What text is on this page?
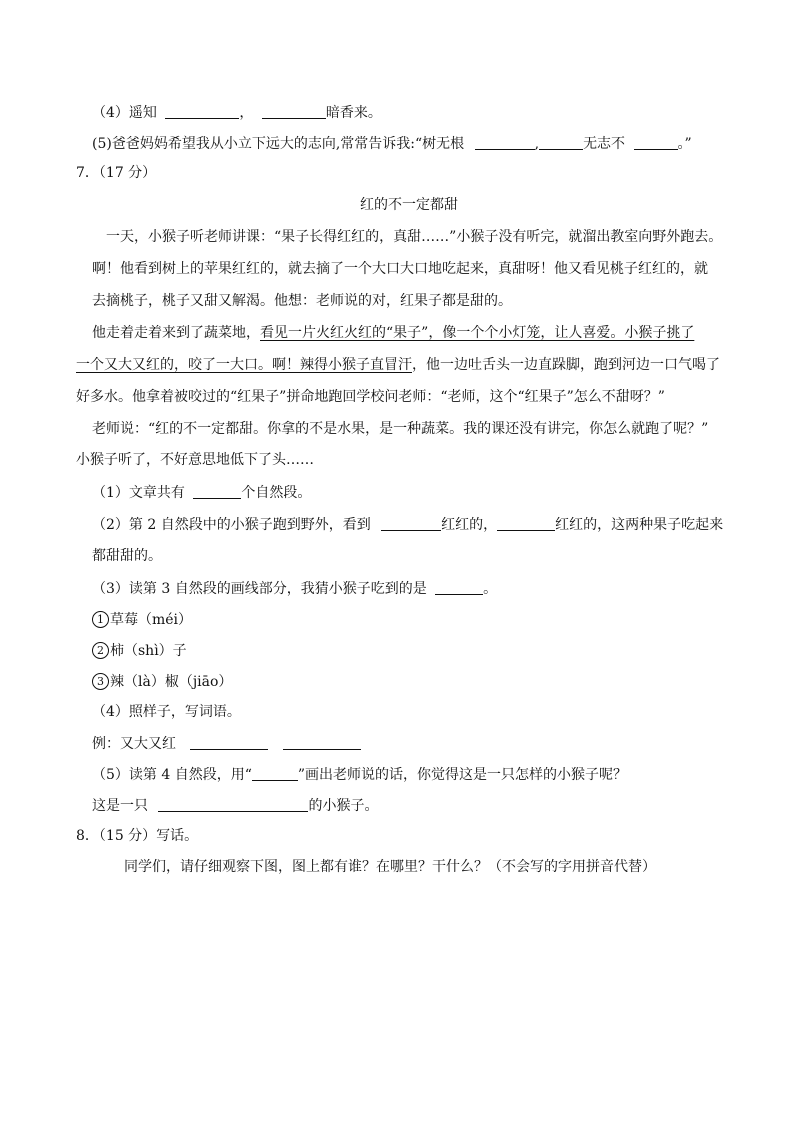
（4）遥知	，	暗香来。
(5)爸爸妈妈希望我从小立下远大的志向,常常告诉我:“树无根	,	无志不	。”
7．（17 分）
红的不一定都甜
一天，小猴子听老师讲课：“果子长得红红的，真甜……”小猴子没有听完，就溜出教室向野外跑去。
啊！他看到树上的苹果红红的，就去摘了一个大口大口地吃起来，真甜呀！他又看见桃子红红的，就
去摘桃子，桃子又甜又解渴。他想：老师说的对，红果子都是甜的。
他走着走着来到了蔬菜地，看见一片火红火红的“果子”，像一个个小灯笼，让人喜爱。小猴子挑了
一个又大又红的，咬了一大口。啊！辣得小猴子直冒汗，他一边吐舌头一边直跺脚，跑到河边一口气喝了
好多水。他拿着被咬过的“红果子”拼命地跑回学校问老师：“老师，这个“红果子”怎么不甜呀？”
老师说：“红的不一定都甜。你拿的不是水果，是一种蔬菜。我的课还没有讲完，你怎么就跑了呢？”
小猴子听了，不好意思地低下了头……
（1）文章共有	个自然段。
（2）第 2 自然段中的小猴子跑到野外，看到	红红的，	红红的，这两种果子吃起来
都甜甜的。
（3）读第 3 自然段的画线部分，我猜小猴子吃到的是	。
1 草莓（méi）
2 柿（shì）子
3 辣（là）椒（jiāo）
（4）照样子，写词语。
例：又大又红
（5）读第 4 自然段，用“	”画出老师说的话，你觉得这是一只怎样的小猴子呢？
这是一只	的小猴子。
8．（15 分）写话。
同学们，请仔细观察下图，图上都有谁？在哪里？干什么？（不会写的字用拼音代替）
